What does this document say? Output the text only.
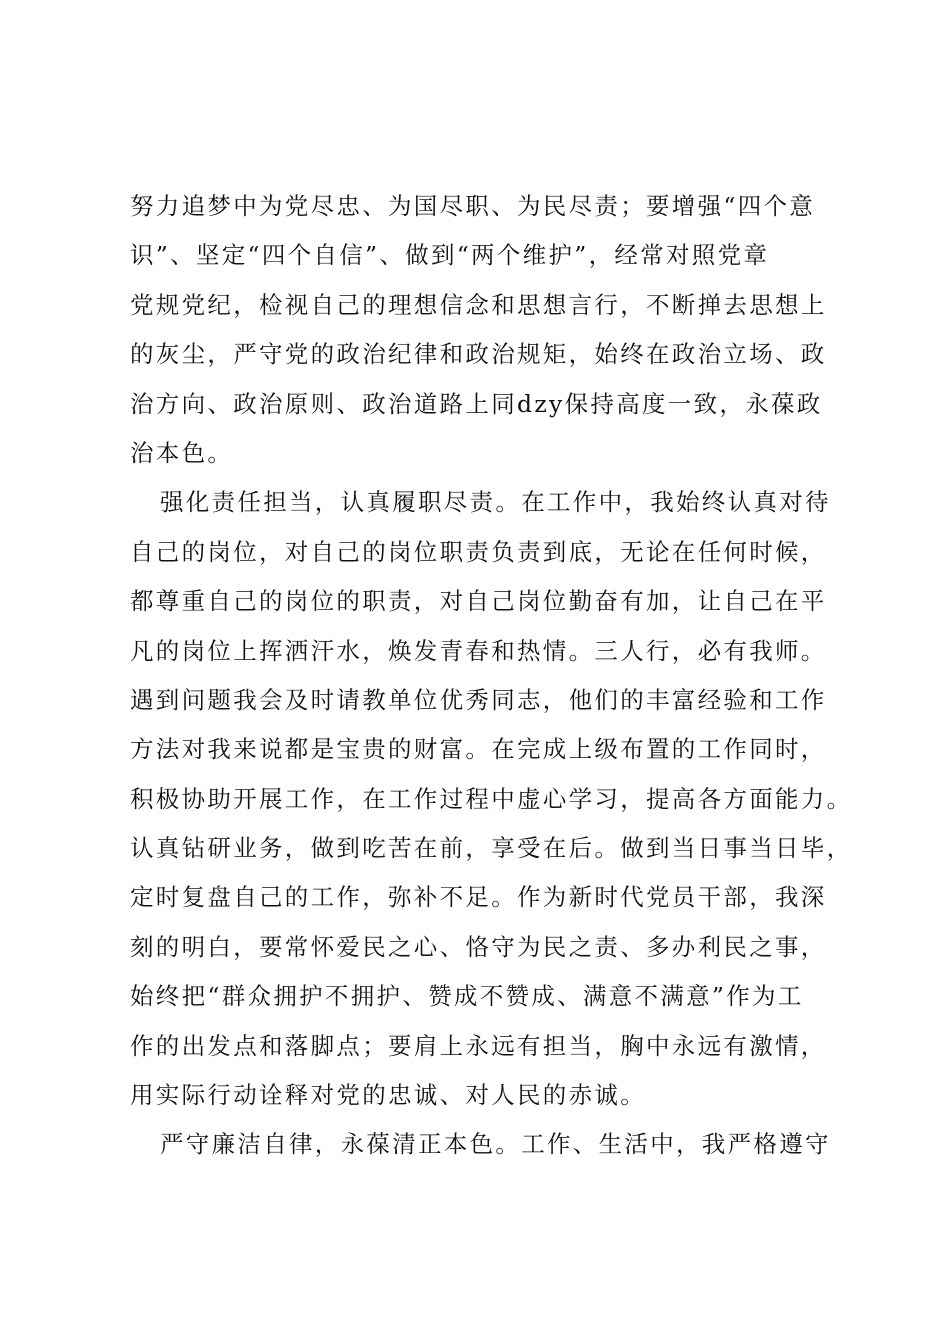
努力追梦中为党尽忠、为国尽职、为民尽责；要增强“四个意
识”、坚定“四个自信”、做到“两个维护”，经常对照党章
党规党纪，检视自己的理想信念和思想言行，不断掸去思想上
的灰尘，严守党的政治纪律和政治规矩，始终在政治立场、政
治方向、政治原则、政治道路上同dzy保持高度一致，永葆政
治本色。
强化责任担当，认真履职尽责。在工作中，我始终认真对待
自己的岗位，对自己的岗位职责负责到底，无论在任何时候，
都尊重自己的岗位的职责，对自己岗位勤奋有加，让自己在平
凡的岗位上挥洒汗水，焕发青春和热情。三人行，必有我师。
遇到问题我会及时请教单位优秀同志，他们的丰富经验和工作
方法对我来说都是宝贵的财富。在完成上级布置的工作同时，
积极协助开展工作，在工作过程中虚心学习，提高各方面能力。
认真钻研业务，做到吃苦在前，享受在后。做到当日事当日毕，
定时复盘自己的工作，弥补不足。作为新时代党员干部，我深
刻的明白，要常怀爱民之心、恪守为民之责、多办利民之事，
始终把“群众拥护不拥护、赞成不赞成、满意不满意”作为工
作的出发点和落脚点；要肩上永远有担当，胸中永远有激情，
用实际行动诠释对党的忠诚、对人民的赤诚。
严守廉洁自律，永葆清正本色。工作、生活中，我严格遵守
